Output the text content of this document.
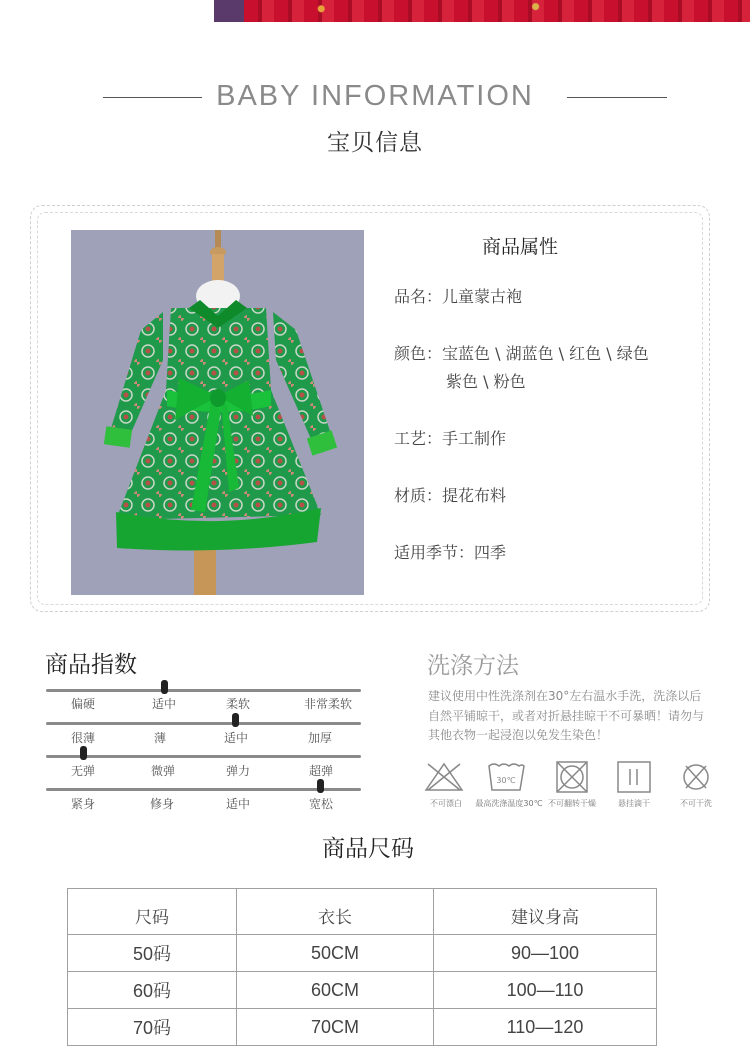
BABY INFORMATION
宝贝信息
商品属性
品名：儿童蒙古袍
颜色：宝蓝色 \ 湖蓝色 \ 红色 \ 绿色
紫色 \ 粉色
工艺：手工制作
材质：提花布料
适用季节：四季
商品指数
偏硬	适中	柔软	非常柔软
很薄	薄	适中	加厚
无弹	微弹	弹力	超弹
紧身	修身	适中	宽松
洗涤方法
建议使用中性洗涤剂在30°左右温水手洗，洗涤以后自然平铺晾干，或者对折悬挂晾干不可暴晒！请勿与其他衣物一起浸泡以免发生染色！
30℃
不可漂白	最高洗涤温度30℃ 不可翻转干燥	悬挂滴干	不可干洗
商品尺码
尺码	衣长	建议身高
50码	50CM	90—100
60码	60CM	100—110
70码	70CM	110—120
